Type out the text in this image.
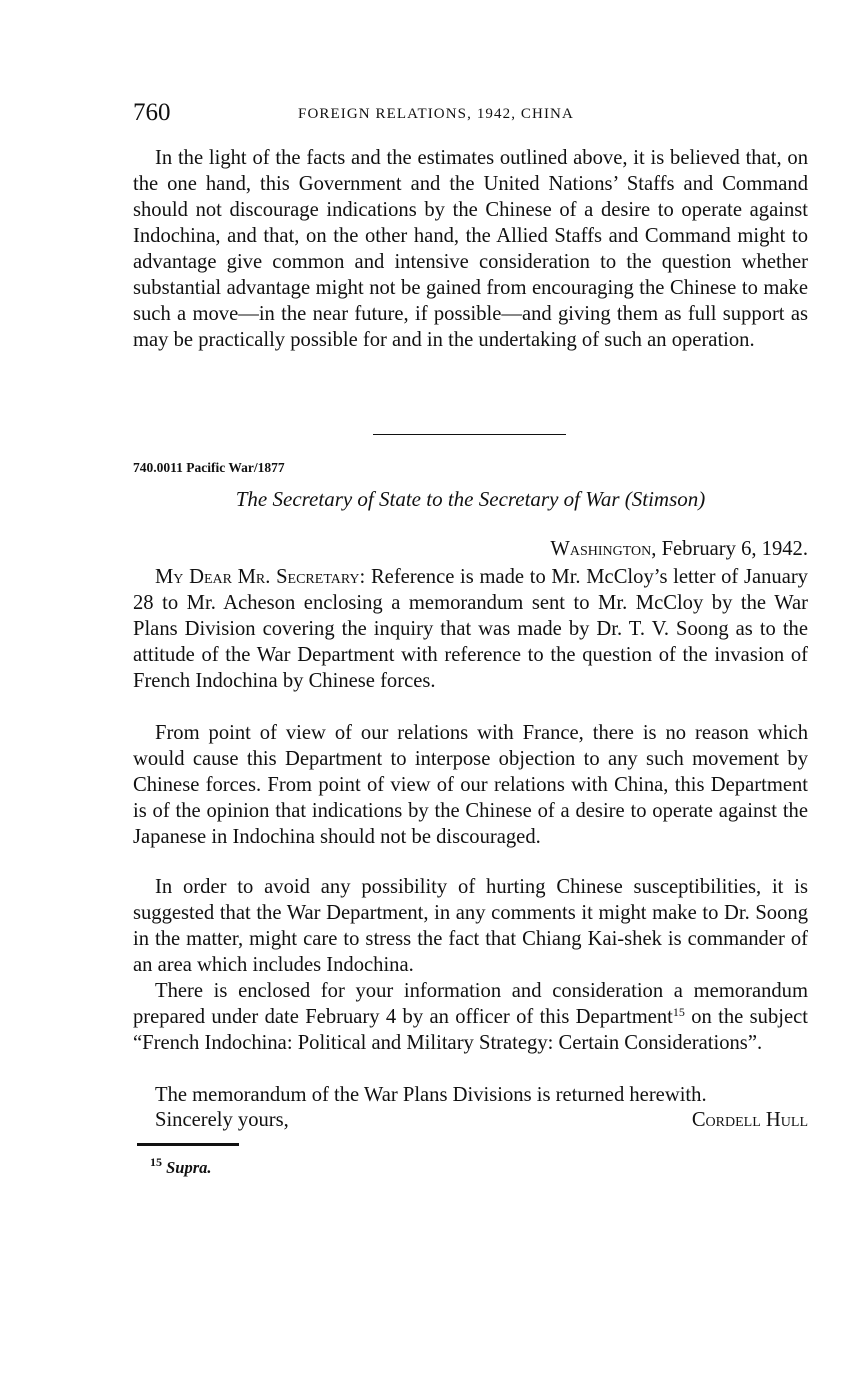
760	FOREIGN RELATIONS, 1942, CHINA

In the light of the facts and the estimates outlined above, it is believed that, on the one hand, this Government and the United Nations’ Staffs and Command should not discourage indications by the Chinese of a desire to operate against Indochina, and that, on the other hand, the Allied Staffs and Command might to advantage give common and intensive consideration to the question whether substantial advantage might not be gained from encouraging the Chinese to make such a move—in the near future, if possible—and giving them as full support as may be practically possible for and in the undertaking of such an operation.

740.0011 Pacific War/1877
The Secretary of State to the Secretary of War (Stimson)
Washington, February 6, 1942.

My Dear Mr. Secretary: Reference is made to Mr. McCloy’s letter of January 28 to Mr. Acheson enclosing a memorandum sent to Mr. McCloy by the War Plans Division covering the inquiry that was made by Dr. T. V. Soong as to the attitude of the War Department with reference to the question of the invasion of French Indochina by Chinese forces.

From point of view of our relations with France, there is no reason which would cause this Department to interpose objection to any such movement by Chinese forces. From point of view of our relations with China, this Department is of the opinion that indications by the Chinese of a desire to operate against the Japanese in Indochina should not be discouraged.

In order to avoid any possibility of hurting Chinese susceptibilities, it is suggested that the War Department, in any comments it might make to Dr. Soong in the matter, might care to stress the fact that Chiang Kai-shek is commander of an area which includes Indochina.

There is enclosed for your information and consideration a memorandum prepared under date February 4 by an officer of this Department$^{15}$ on the subject “French Indochina: Political and Military Strategy: Certain Considerations”.

The memorandum of the War Plans Divisions is returned herewith.

Sincerely yours,	Cordell Hull
$^{15}$ Supra.
